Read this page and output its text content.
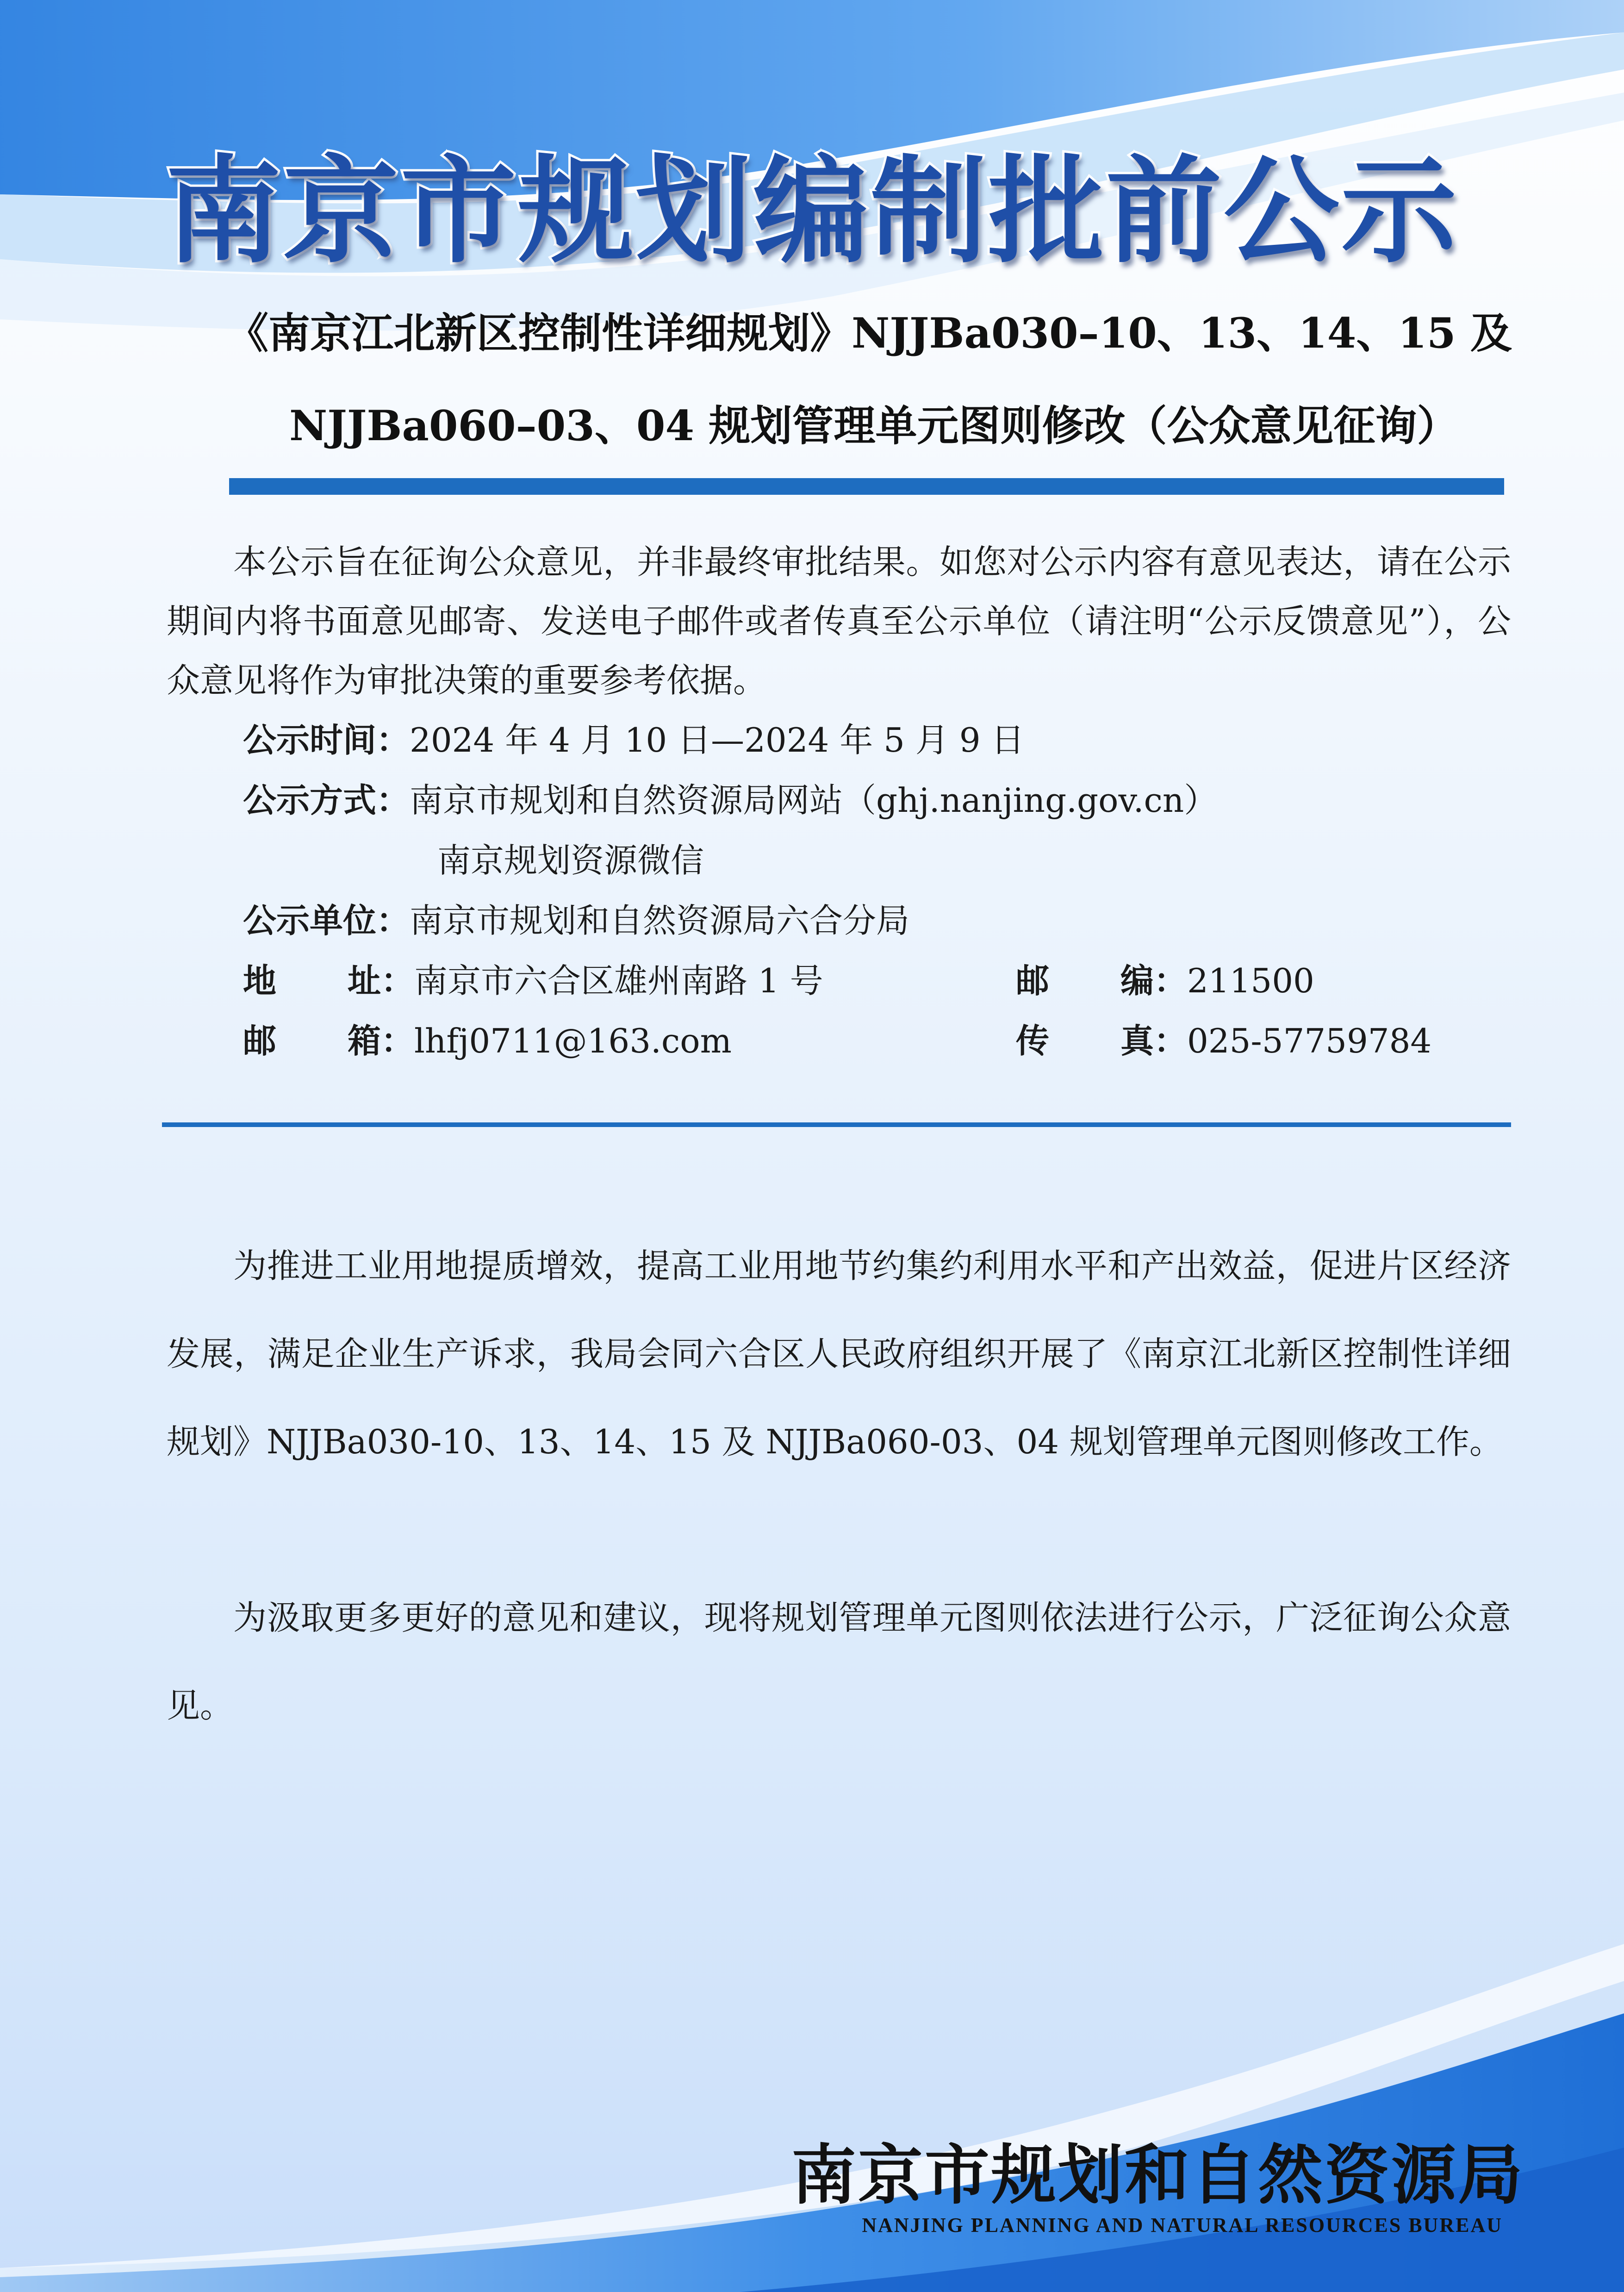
南京市规划编制批前公示
《南京江北新区控制性详细规划》NJJBa030–10、13、14、15 及
NJJBa060–03、04 规划管理单元图则修改（公众意见征询）
本公示旨在征询公众意见，并非最终审批结果。如您对公示内容有意见表达，请在公示期间内将书面意见邮寄、发送电子邮件或者传真至公示单位（请注明“公示反馈意见”），公众意见将作为审批决策的重要参考依据。
公示时间：2024 年 4 月 10 日—2024 年 5 月 9 日
公示方式：南京市规划和自然资源局网站（ghj.nanjing.gov.cn）
南京规划资源微信
公示单位：南京市规划和自然资源局六合分局
地 址： 南京市六合区雄州南路 1 号	邮 编： 211500
邮 箱： lhfj0711@163.com	传 真： 025-57759784
为推进工业用地提质增效，提高工业用地节约集约利用水平和产出效益，促进片区经济发展，满足企业生产诉求，我局会同六合区人民政府组织开展了《南京江北新区控制性详细规划》NJJBa030-10、13、14、15 及 NJJBa060-03、04 规划管理单元图则修改工作。
为汲取更多更好的意见和建议，现将规划管理单元图则依法进行公示，广泛征询公众意见。
南京市规划和自然资源局
NANJING PLANNING AND NATURAL RESOURCES BUREAU
